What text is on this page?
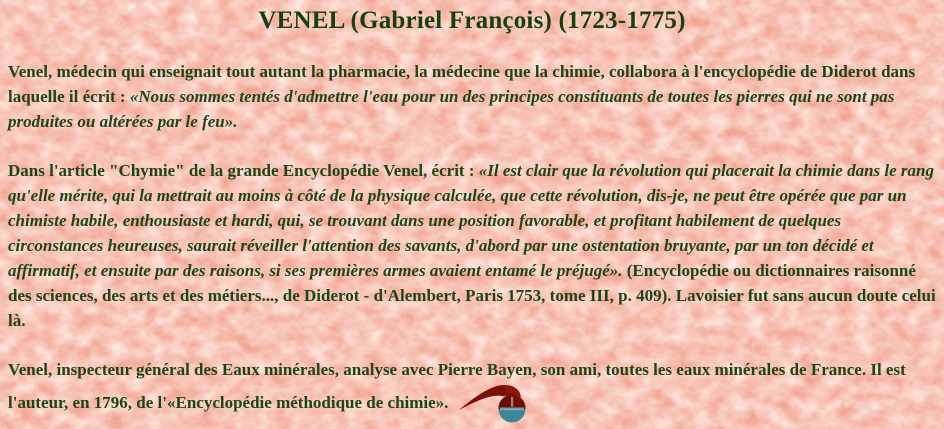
VENEL (Gabriel François) (1723-1775)

Venel, médecin qui enseignait tout autant la pharmacie, la médecine que la chimie, collabora à l'encyclopédie de Diderot dans laquelle il écrit : «Nous sommes tentés d'admettre l'eau pour un des principes constituants de toutes les pierres qui ne sont pas produites ou altérées par le feu».

Dans l'article "Chymie" de la grande Encyclopédie Venel, écrit : «Il est clair que la révolution qui placerait la chimie dans le rang qu'elle mérite, qui la mettrait au moins à côté de la physique calculée, que cette révolution, dis-je, ne peut être opérée que par un chimiste habile, enthousiaste et hardi, qui, se trouvant dans une position favorable, et profitant habilement de quelques circonstances heureuses, saurait réveiller l'attention des savants, d'abord par une ostentation bruyante, par un ton décidé et affirmatif, et ensuite par des raisons, si ses premières armes avaient entamé le préjugé». (Encyclopédie ou dictionnaires raisonné des sciences, des arts et des métiers..., de Diderot - d'Alembert, Paris 1753, tome III, p. 409). Lavoisier fut sans aucun doute celui là.

Venel, inspecteur général des Eaux minérales, analyse avec Pierre Bayen, son ami, toutes les eaux minérales de France. Il est l'auteur, en 1796, de l'«Encyclopédie méthodique de chimie».
